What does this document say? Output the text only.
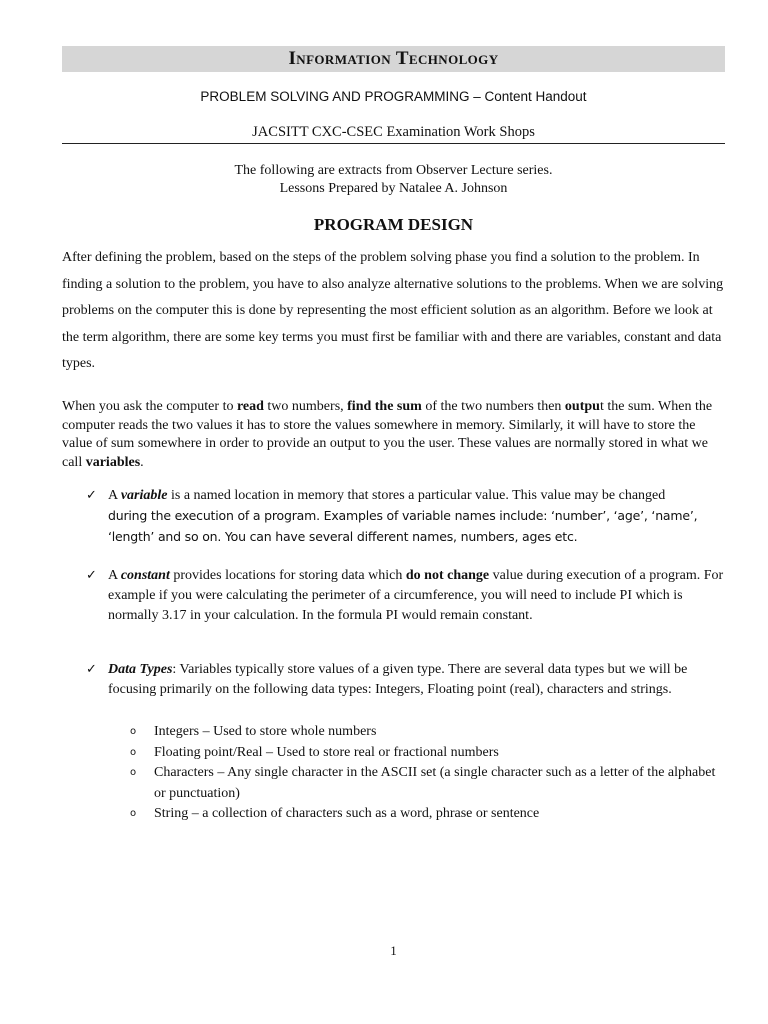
Information Technology
PROBLEM SOLVING AND PROGRAMMING – Content Handout
JACSITT CXC-CSEC Examination Work Shops
The following are extracts from Observer Lecture series.
Lessons Prepared by Natalee A. Johnson
PROGRAM DESIGN

After defining the problem, based on the steps of the problem solving phase you find a solution to the problem. In finding a solution to the problem, you have to also analyze alternative solutions to the problems. When we are solving problems on the computer this is done by representing the most efficient solution as an algorithm. Before we look at the term algorithm, there are some key terms you must first be familiar with and there are variables, constant and data types.

When you ask the computer to read two numbers, find the sum of the two numbers then output the sum. When the computer reads the two values it has to store the values somewhere in memory. Similarly, it will have to store the value of sum somewhere in order to provide an output to you the user. These values are normally stored in what we call variables.

✓ A variable is a named location in memory that stores a particular value. This value may be changed
during the execution of a program. Examples of variable names include: ‘number’, ‘age’, ‘name’, ‘length’ and so on. You can have several different names, numbers, ages etc.
✓ A constant provides locations for storing data which do not change value during execution of a program. For example if you were calculating the perimeter of a circumference, you will need to include PI which is normally 3.17 in your calculation. In the formula PI would remain constant.
✓ Data Types: Variables typically store values of a given type. There are several data types but we will be focusing primarily on the following data types: Integers, Floating point (real), characters and strings.
o Integers – Used to store whole numbers
o Floating point/Real – Used to store real or fractional numbers
o Characters – Any single character in the ASCII set (a single character such as a letter of the alphabet or punctuation)
o String – a collection of characters such as a word, phrase or sentence
1
